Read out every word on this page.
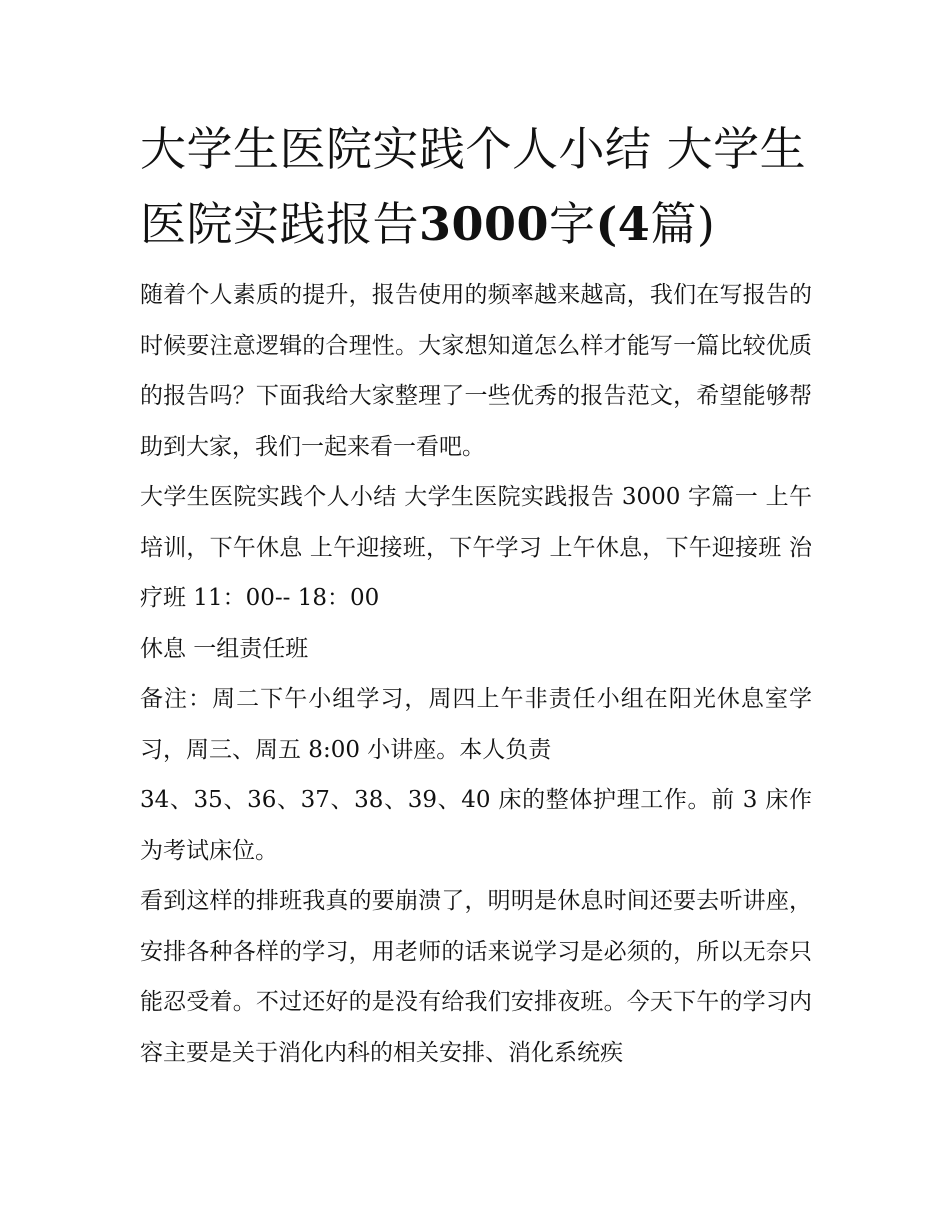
大学生医院实践个人小结 大学生医院实践报告3000字(4篇)

随着个人素质的提升，报告使用的频率越来越高，我们在写报告的时候要注意逻辑的合理性。大家想知道怎么样才能写一篇比较优质的报告吗？下面我给大家整理了一些优秀的报告范文，希望能够帮助到大家，我们一起来看一看吧。

大学生医院实践个人小结 大学生医院实践报告 3000 字篇一 上午培训，下午休息 上午迎接班，下午学习 上午休息，下午迎接班 治疗班 11：00-- 18：00

休息 一组责任班

备注：周二下午小组学习，周四上午非责任小组在阳光休息室学习，周三、周五 8:00 小讲座。本人负责

34、35、36、37、38、39、40 床的整体护理工作。前 3 床作为考试床位。

看到这样的排班我真的要崩溃了，明明是休息时间还要去听讲座，安排各种各样的学习，用老师的话来说学习是必须的，所以无奈只能忍受着。不过还好的是没有给我们安排夜班。今天下午的学习内容主要是关于消化内科的相关安排、消化系统疾
